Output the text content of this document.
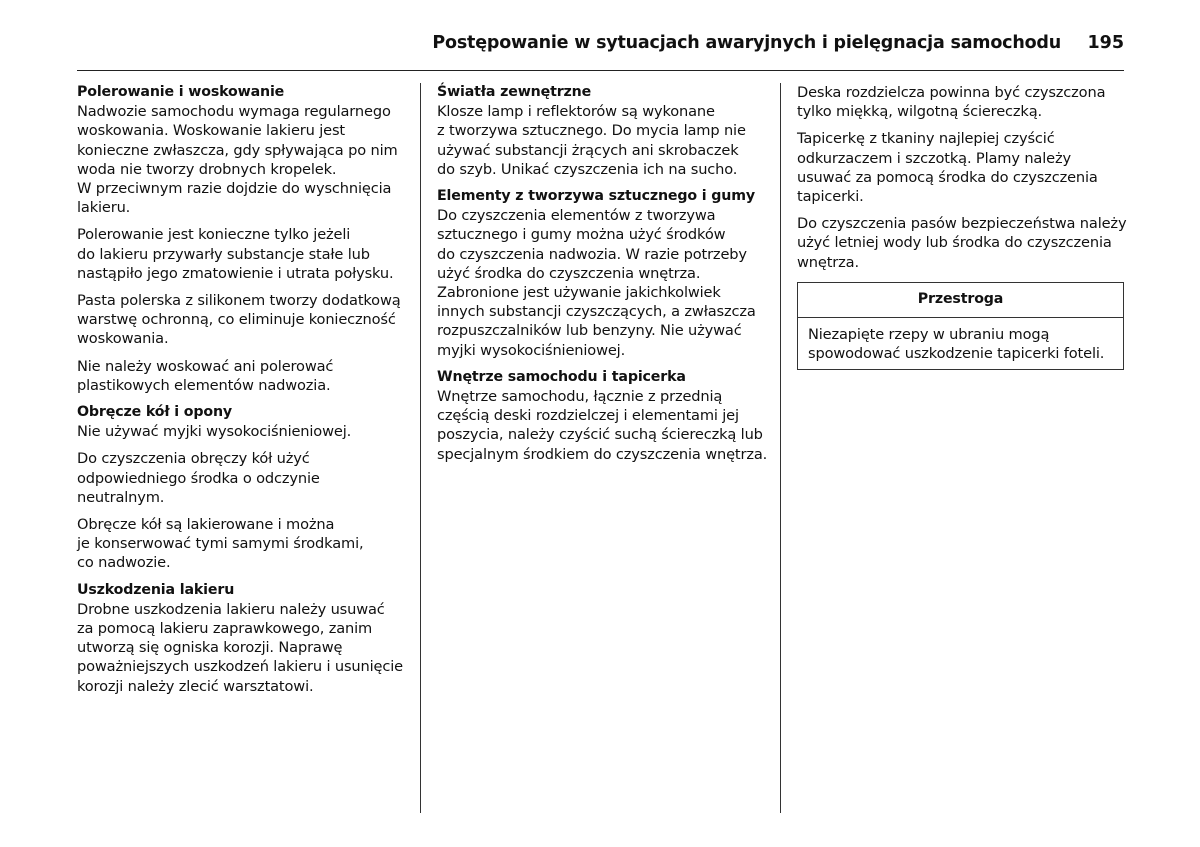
Postępowanie w sytuacjach awaryjnych i pielęgnacja samochodu 195
Polerowanie i woskowanie

Nadwozie samochodu wymaga regularnego
woskowania. Woskowanie lakieru jest
konieczne zwłaszcza, gdy spływająca po nim
woda nie tworzy drobnych kropelek.
W przeciwnym razie dojdzie do wyschnięcia
lakieru.

Polerowanie jest konieczne tylko jeżeli
do lakieru przywarły substancje stałe lub
nastąpiło jego zmatowienie i utrata połysku.

Pasta polerska z silikonem tworzy dodatkową
warstwę ochronną, co eliminuje konieczność
woskowania.

Nie należy woskować ani polerować
plastikowych elementów nadwozia.

Obręcze kół i opony

Nie używać myjki wysokociśnieniowej.

Do czyszczenia obręczy kół użyć
odpowiedniego środka o odczynie
neutralnym.

Obręcze kół są lakierowane i można
je konserwować tymi samymi środkami,
co nadwozie.

Uszkodzenia lakieru

Drobne uszkodzenia lakieru należy usuwać
za pomocą lakieru zaprawkowego, zanim
utworzą się ogniska korozji. Naprawę
poważniejszych uszkodzeń lakieru i usunięcie
korozji należy zlecić warsztatowi.

Światła zewnętrzne

Klosze lamp i reflektorów są wykonane
z tworzywa sztucznego. Do mycia lamp nie
używać substancji żrących ani skrobaczek
do szyb. Unikać czyszczenia ich na sucho.

Elementy z tworzywa sztucznego i gumy

Do czyszczenia elementów z tworzywa
sztucznego i gumy można użyć środków
do czyszczenia nadwozia. W razie potrzeby
użyć środka do czyszczenia wnętrza.
Zabronione jest używanie jakichkolwiek
innych substancji czyszczących, a zwłaszcza
rozpuszczalników lub benzyny. Nie używać
myjki wysokociśnieniowej.

Wnętrze samochodu i tapicerka

Wnętrze samochodu, łącznie z przednią
częścią deski rozdzielczej i elementami jej
poszycia, należy czyścić suchą ściereczką lub
specjalnym środkiem do czyszczenia wnętrza.

Deska rozdzielcza powinna być czyszczona
tylko miękką, wilgotną ściereczką.

Tapicerkę z tkaniny najlepiej czyścić
odkurzaczem i szczotką. Plamy należy
usuwać za pomocą środka do czyszczenia
tapicerki.

Do czyszczenia pasów bezpieczeństwa należy
użyć letniej wody lub środka do czyszczenia
wnętrza.

Przestroga
Niezapięte rzepy w ubraniu mogą
spowodować uszkodzenie tapicerki foteli.
